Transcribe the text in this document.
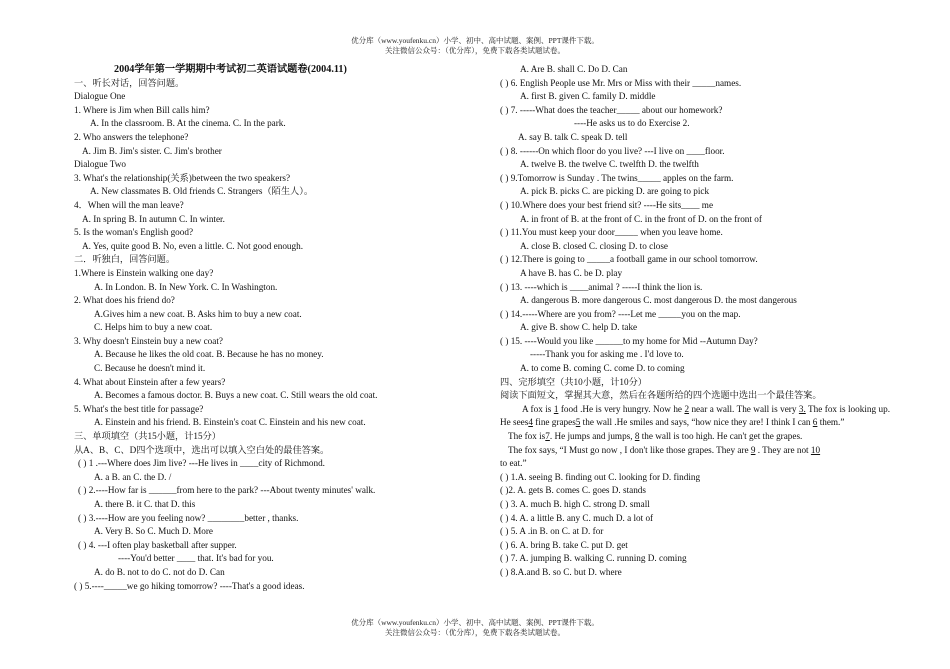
优分库（www.youfenku.cn）小学、初中、高中试题、案例、PPT课件下载。
关注微信公众号：（优分库），免费下载各类试题试卷。
2004学年第一学期期中考试初二英语试题卷(2004.11)
一、听长对话，回答问题。
Dialogue One
1. Where is Jim when Bill calls him?
A. In the classroom. B. At the cinema. C. In the park.
2. Who answers the telephone?
A. Jim B. Jim's sister. C. Jim's brother
Dialogue Two
3. What's the relationship(关系)between the two speakers?
A. New classmates B. Old friends C. Strangers（陌生人）。
4．When will the man leave?
A. In spring B. In autumn C. In winter.
5. Is the woman's English good?
A. Yes, quite good B. No, even a little. C. Not good enough.
二．听独白，回答问题。
1.Where is Einstein walking one day?
A. In London. B. In New York. C. In Washington.
2. What does his friend do?
A.Gives him a new coat. B. Asks him to buy a new coat.
C. Helps him to buy a new coat.
3. Why doesn't Einstein buy a new coat?
A. Because he likes the old coat. B. Because he has no money.
C. Because he doesn't mind it.
4. What about Einstein after a few years?
A. Becomes a famous doctor. B. Buys a new coat. C. Still wears the old coat.
5. What's the best title for passage?
A. Einstein and his friend. B. Einstein's coat C. Einstein and his new coat.
三、单项填空（共15小题，计15分）
从A、B、C、D四个选项中，选出可以填入空白处的最佳答案。
( ) 1 .---Where does Jim live? ---He lives in ____city of Richmond.
A. a B. an C. the D. /
( ) 2.----How far is ______from here to the park? ---About twenty minutes' walk.
A. there B. it C. that D. this
( ) 3.----How are you feeling now? ________better , thanks.
A. Very B. So C. Much D. More
( ) 4. ---I often play basketball after supper.
----You'd better ____ that. It's bad for you.
A. do B. not to do C. not do D. Can
( ) 5.----_____we go hiking tomorrow? ----That's a good ideas.
A. Are B. shall C. Do D. Can
( ) 6. English People use Mr. Mrs or Miss with their _____names.
A. first B. given C. family D. middle
( ) 7. -----What does the teacher_____ about our homework?
----He asks us to do Exercise 2.
A. say B. talk C. speak D. tell
( ) 8. ------On which floor do you live? ---I live on ____floor.
A. twelve B. the twelve C. twelfth D. the twelfth
( ) 9.Tomorrow is Sunday . The twins_____ apples on the farm.
A. pick B. picks C. are picking D. are going to pick
( ) 10.Where does your best friend sit? ----He sits____ me
A. in front of B. at the front of C. in the front of D. on the front of
( ) 11.You must keep your door_____ when you leave home.
A. close B. closed C. closing D. to close
( ) 12.There is going to _____a football game in our school tomorrow.
A have B. has C. be D. play
( ) 13. ----which is ____animal ? -----I think the lion is.
A. dangerous B. more dangerous C. most dangerous D. the most dangerous
( ) 14.-----Where are you from? ----Let me _____you on the map.
A. give B. show C. help D. take
( ) 15. ----Would you like ______to my home for Mid --Autumn Day?
-----Thank you for asking me . I'd love to.
A. to come B. coming C. come D. to coming
四、完形填空（共10小题，计10分）
阅读下面短文，掌握其大意，然后在各题所给的四个选题中选出一个最佳答案。

A fox is 1 food .He is very hungry. Now he 2 near a wall. The wall is very 3. The fox is looking up. He sees4 fine grapes5 the wall .He smiles and says, “how nice they are! I think I can 6 them.”

The fox is7. He jumps and jumps, 8 the wall is too high. He can't get the grapes.
The fox says, “I Must go now , I don't like those grapes. They are 9 . They are not 10
to eat.”
( ) 1.A. seeing B. finding out C. looking for D. finding
( )2. A. gets B. comes C. goes D. stands
( ) 3. A. much B. high C. strong D. small
( ) 4. A. a little B. any C. much D. a lot of
( ) 5. A .in B. on C. at D. for
( ) 6. A. bring B. take C. put D. get
( ) 7. A. jumping B. walking C. running D. coming
( ) 8.A.and B. so C. but D. where
优分库（www.youfenku.cn）小学、初中、高中试题、案例、PPT课件下载。
关注微信公众号：（优分库），免费下载各类试题试卷。
